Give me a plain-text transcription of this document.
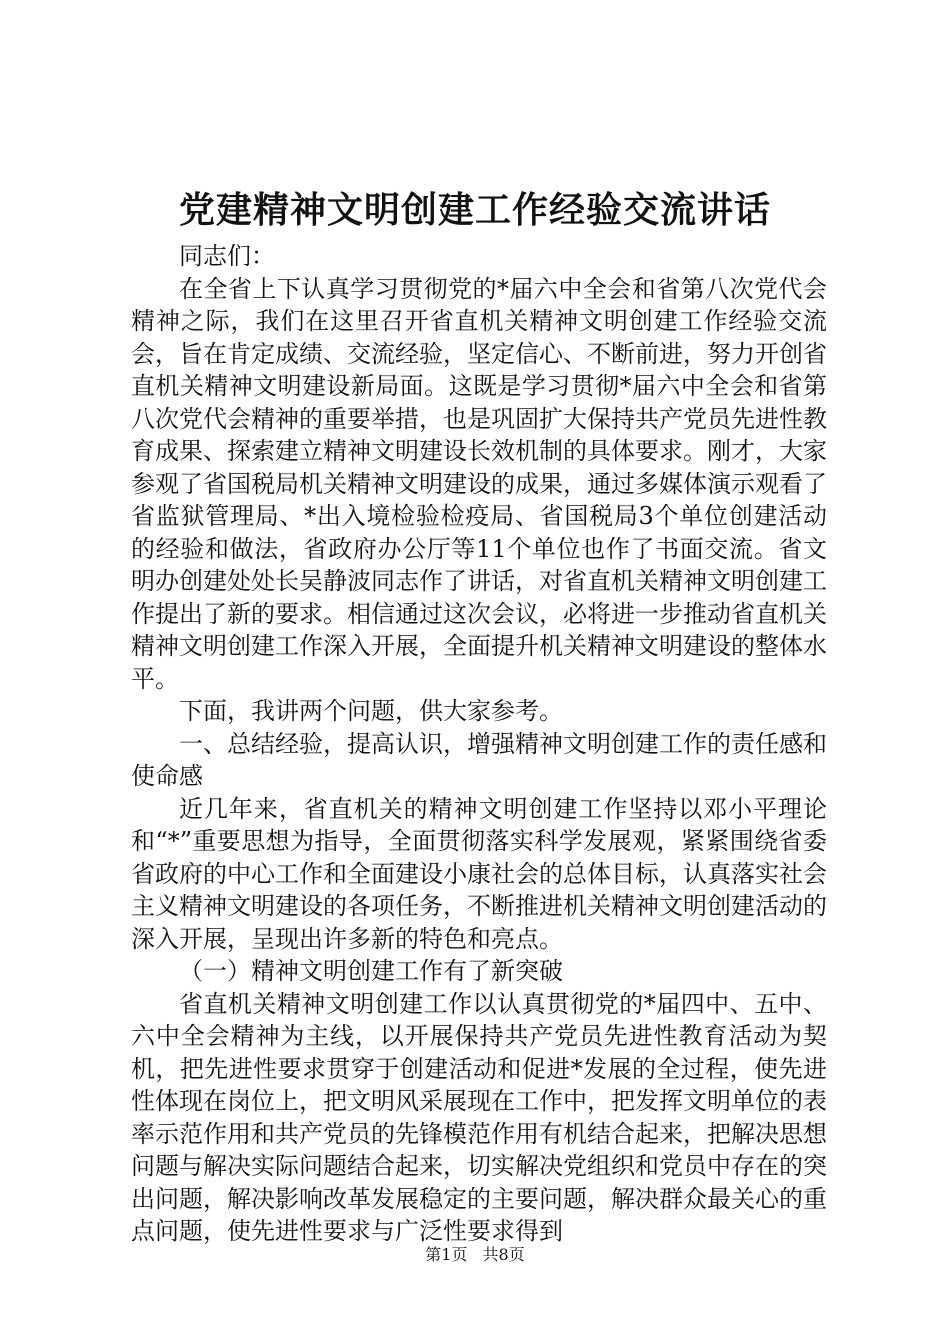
党建精神文明创建工作经验交流讲话

同志们：

在全省上下认真学习贯彻党的*届六中全会和省第八次党代会精神之际，我们在这里召开省直机关精神文明创建工作经验交流会，旨在肯定成绩、交流经验，坚定信心、不断前进，努力开创省直机关精神文明建设新局面。这既是学习贯彻*届六中全会和省第八次党代会精神的重要举措，也是巩固扩大保持共产党员先进性教育成果、探索建立精神文明建设长效机制的具体要求。刚才，大家参观了省国税局机关精神文明建设的成果，通过多媒体演示观看了省监狱管理局、*出入境检验检疫局、省国税局3个单位创建活动的经验和做法，省政府办公厅等11个单位也作了书面交流。省文明办创建处处长吴静波同志作了讲话，对省直机关精神文明创建工作提出了新的要求。相信通过这次会议，必将进一步推动省直机关精神文明创建工作深入开展，全面提升机关精神文明建设的整体水平。

下面，我讲两个问题，供大家参考。

一、总结经验，提高认识，增强精神文明创建工作的责任感和使命感

近几年来，省直机关的精神文明创建工作坚持以邓小平理论和“*”重要思想为指导，全面贯彻落实科学发展观，紧紧围绕省委省政府的中心工作和全面建设小康社会的总体目标，认真落实社会主义精神文明建设的各项任务，不断推进机关精神文明创建活动的深入开展，呈现出许多新的特色和亮点。

（一）精神文明创建工作有了新突破

省直机关精神文明创建工作以认真贯彻党的*届四中、五中、六中全会精神为主线，以开展保持共产党员先进性教育活动为契机，把先进性要求贯穿于创建活动和促进*发展的全过程，使先进性体现在岗位上，把文明风采展现在工作中，把发挥文明单位的表率示范作用和共产党员的先锋模范作用有机结合起来，把解决思想问题与解决实际问题结合起来，切实解决党组织和党员中存在的突出问题，解决影响改革发展稳定的主要问题，解决群众最关心的重点问题，使先进性要求与广泛性要求得到

第1页 共8页
